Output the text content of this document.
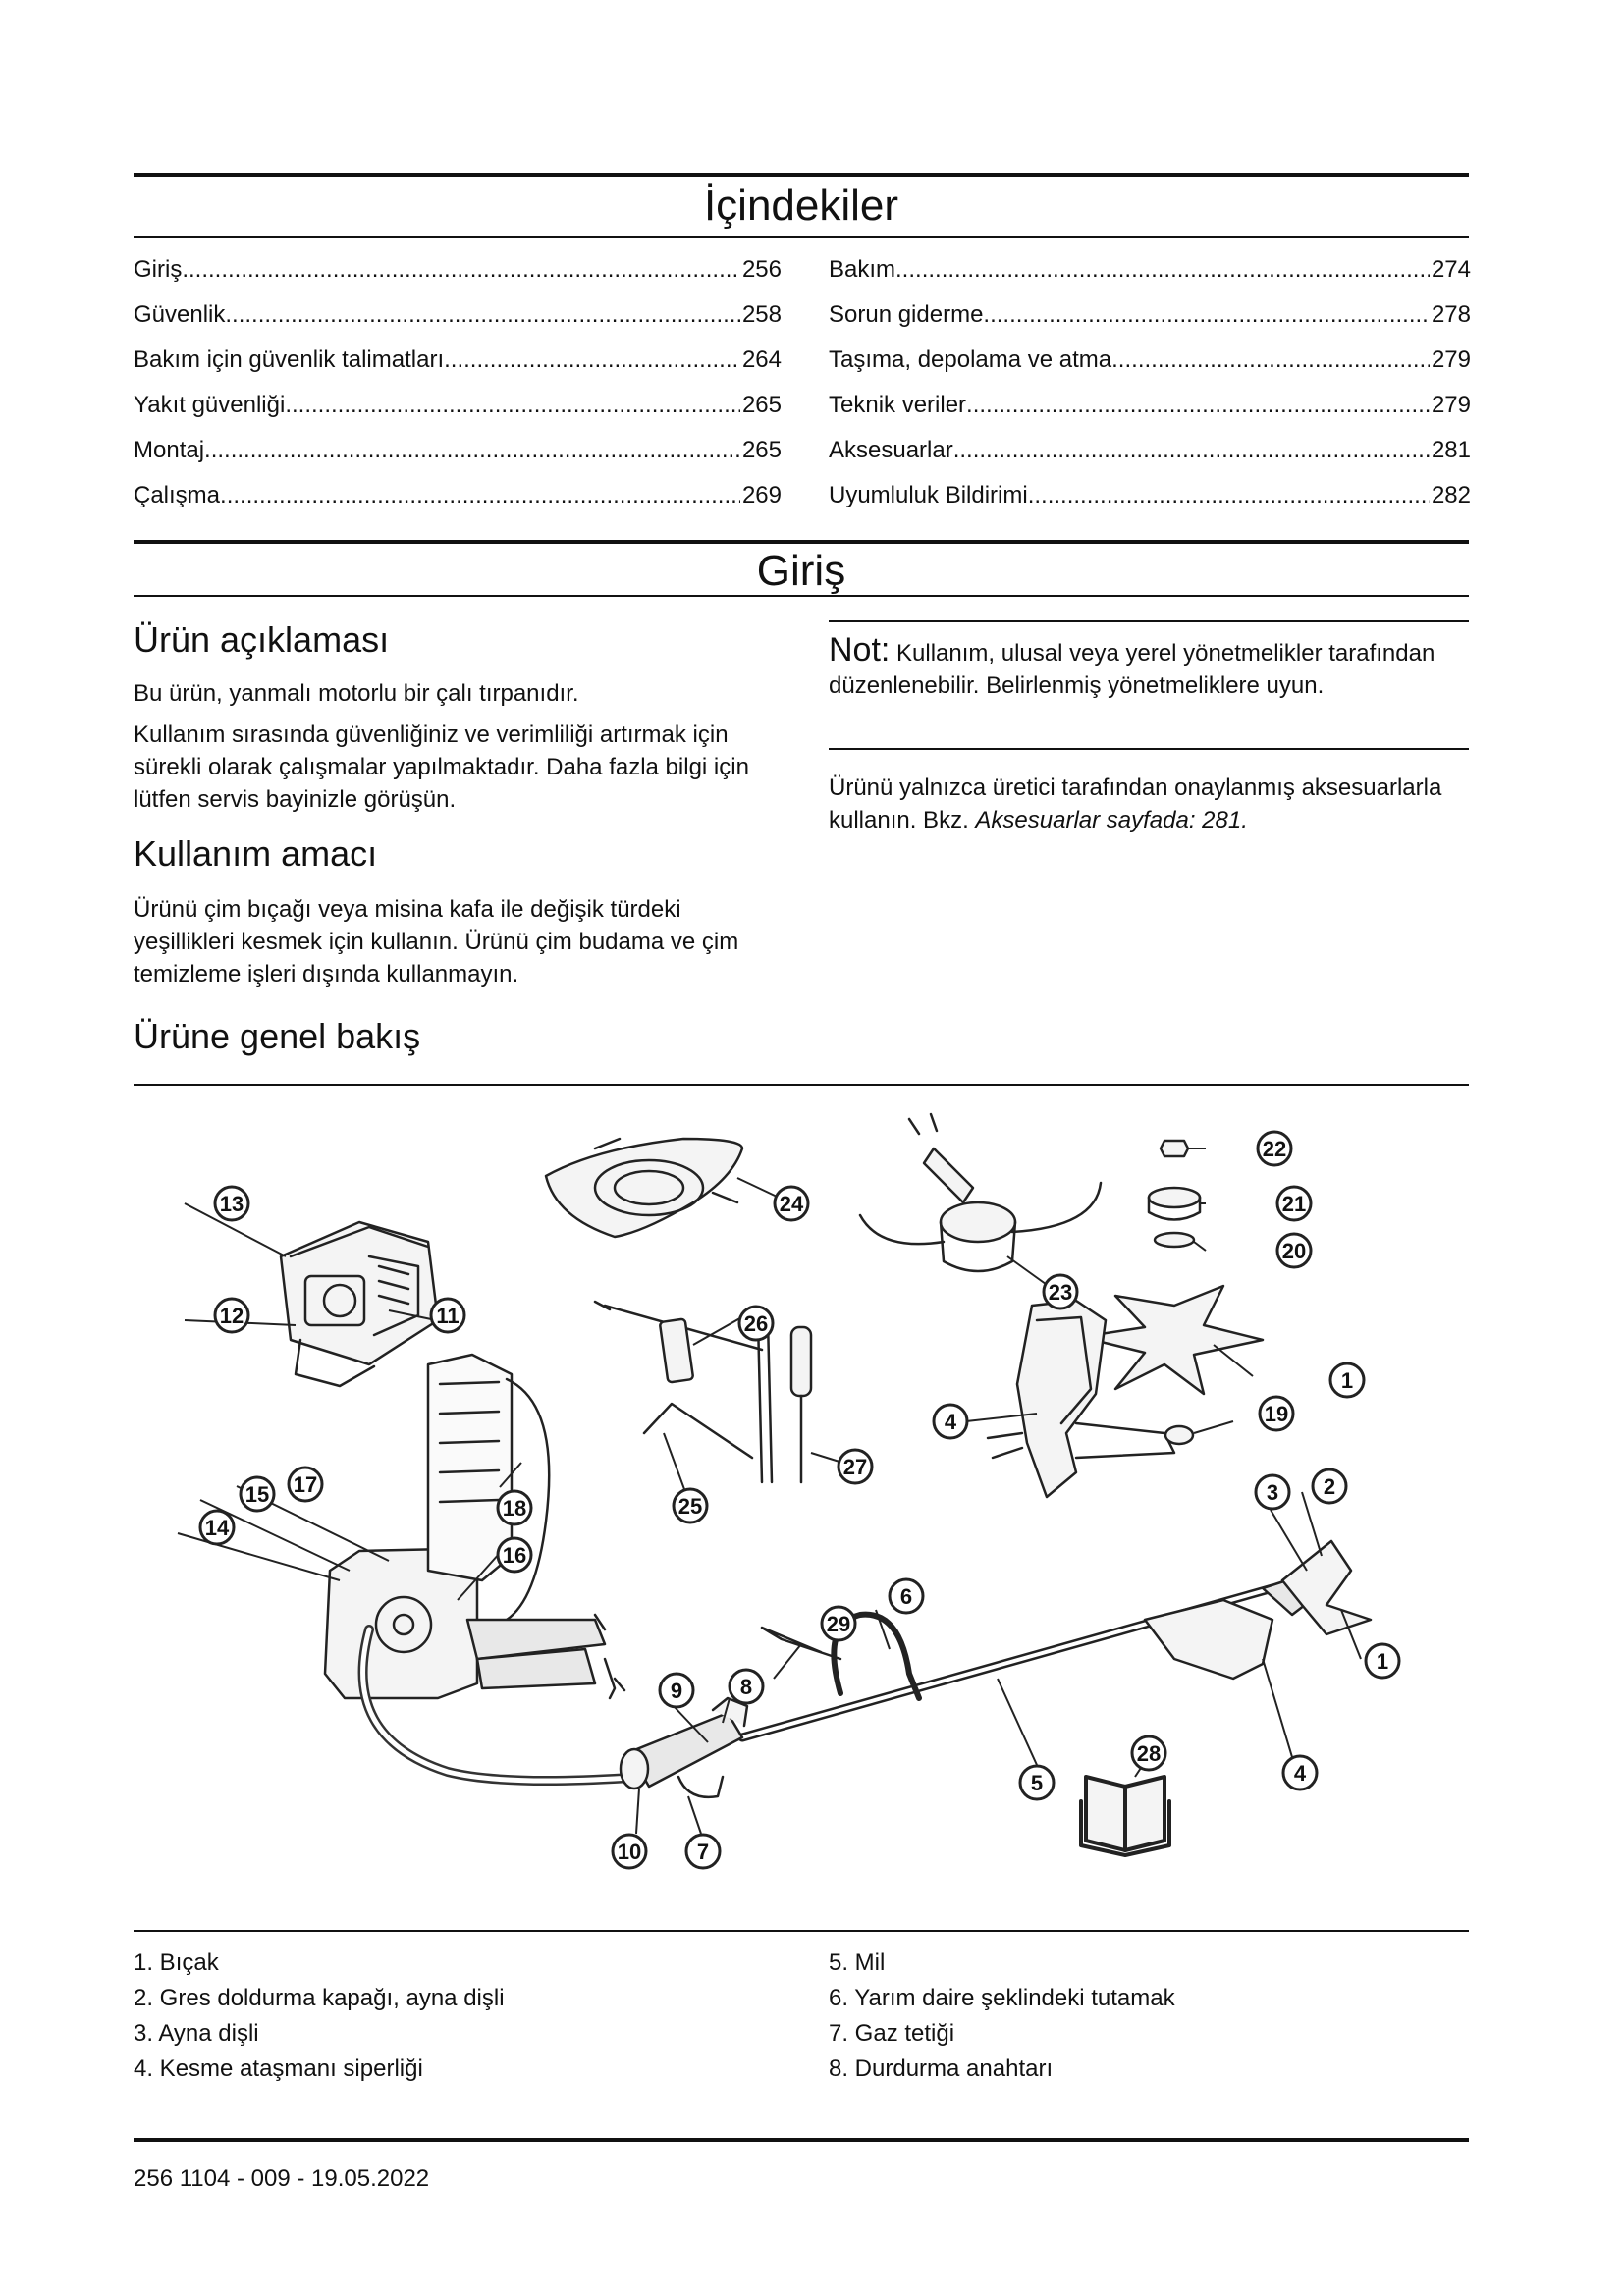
İçindekiler
Giriş .....	256
Güvenlik .....	258
Bakım için güvenlik talimatları .....	264
Yakıt güvenliği .....	265
Montaj .....	265
Çalışma .....	269
Bakım .....	274
Sorun giderme .....	278
Taşıma, depolama ve atma .....	279
Teknik veriler .....	279
Aksesuarlar .....	281
Uyumluluk Bildirimi .....	282
Giriş
Ürün açıklaması

Bu ürün, yanmalı motorlu bir çalı tırpanıdır.

Kullanım sırasında güvenliğiniz ve verimliliği artırmak için sürekli olarak çalışmalar yapılmaktadır. Daha fazla bilgi için lütfen servis bayinizle görüşün.

Kullanım amacı

Ürünü çim bıçağı veya misina kafa ile değişik türdeki yeşillikleri kesmek için kullanın. Ürünü çim budama ve çim temizleme işleri dışında kullanmayın.

Not: Kullanım, ulusal veya yerel yönetmelikler tarafından düzenlenebilir. Belirlenmiş yönetmeliklere uyun.

Ürünü yalnızca üretici tarafından onaylanmış aksesuarlarla kullanın. Bkz. Aksesuarlar sayfada: 281.

Ürüne genel bakış
1
1
2
3
4
4
5
6
7
8
9
10
11
12
13
14
15
16
17
18
19
20
21
22
23
24
25
26
27
28
29
1. Bıçak
2. Gres doldurma kapağı, ayna dişli
3. Ayna dişli
4. Kesme ataşmanı siperliği
5. Mil
6. Yarım daire şeklindeki tutamak
7. Gaz tetiği
8. Durdurma anahtarı

256 1104 - 009 - 19.05.2022
